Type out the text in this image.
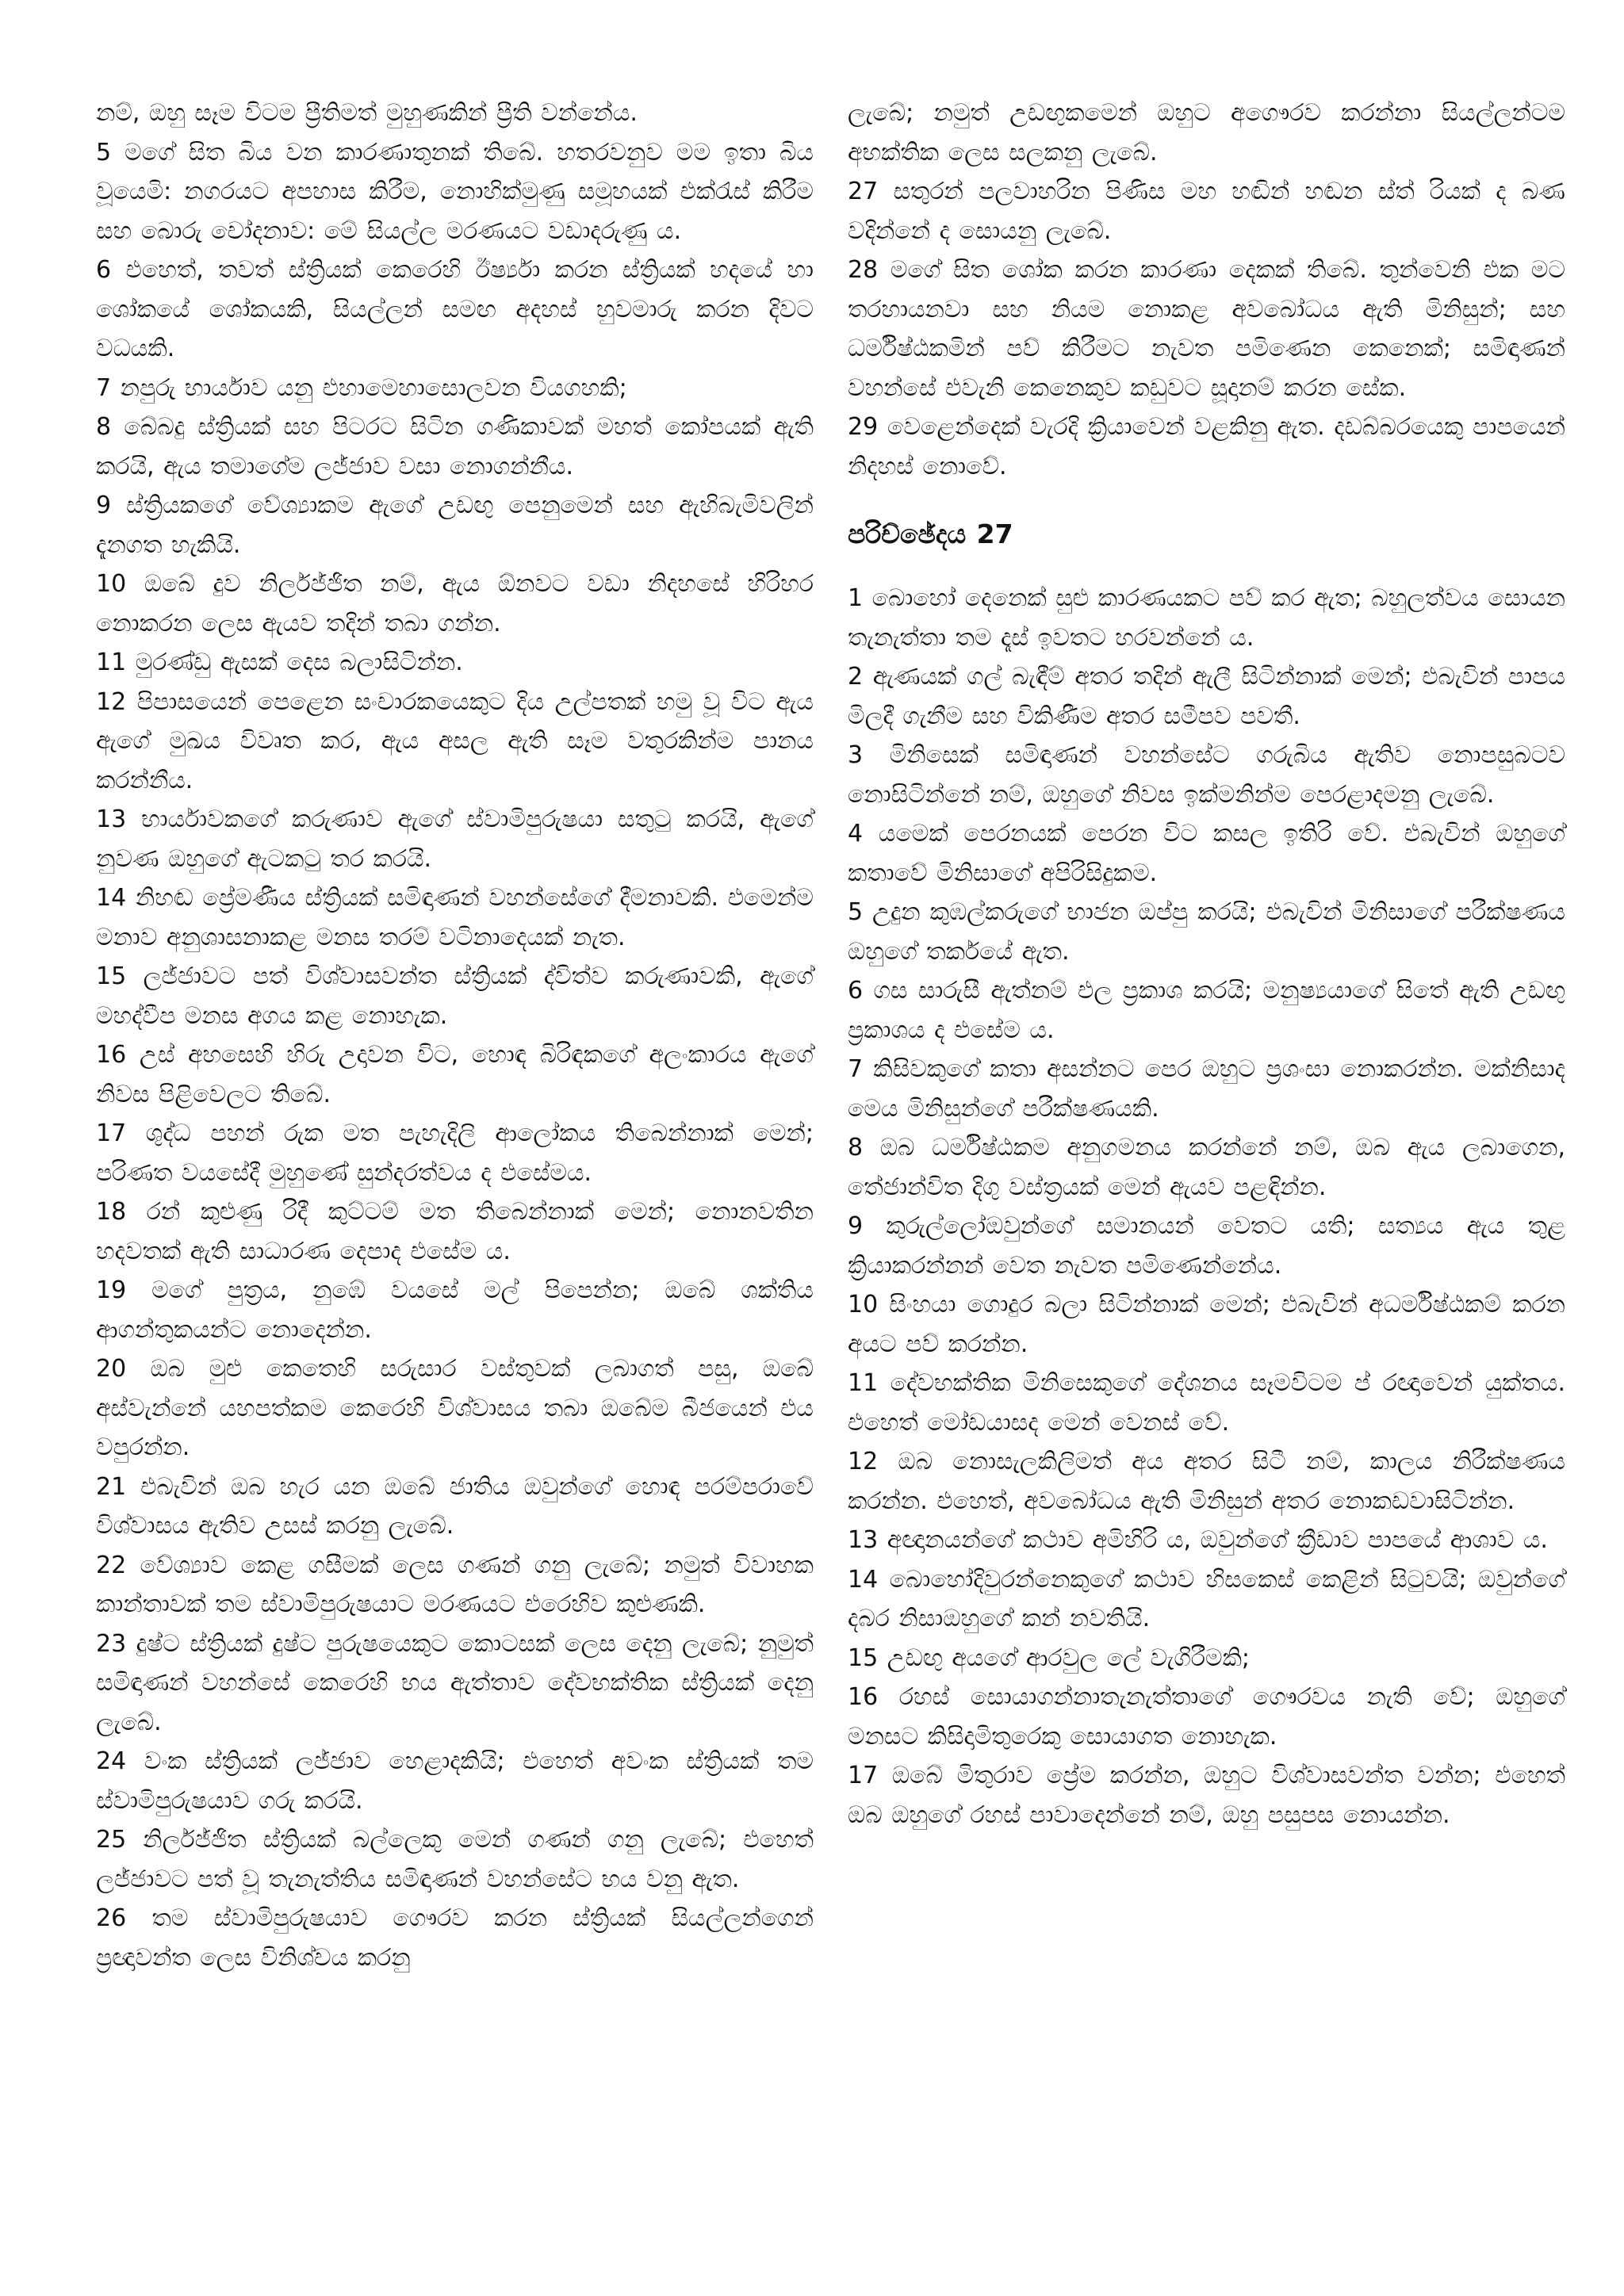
නම්, ඔහු සෑම විටම ප්‍රීතිමත් මුහුණකින් ප්‍රීති වන්නේය.

5 මගේ සිත බිය වන කාරණාතුනක් තිබේ. හතරවනුව මම ඉතා බිය වූයෙමි: නගරයට අපහාස කිරීම, නොහික්මුණු සමූහයක් එක්රැස් කිරීම සහ බොරු චෝදනාව: මේ සියල්ල මරණයට වඩාදරුණු ය.

6 එහෙත්, තවත් ස්ත්‍රියක් කෙරෙහි ඊර්ෂ්‍යා කරන ස්ත්‍රියක් හදයේ හා ශෝකයේ ශෝකයකි, සියල්ලන් සමඟ අදහස් හුවමාරු කරන දිවට වධයකි.

7 නපුරු භාර්යාව යනු එහාමෙහාසොලවන වියගහකි;

8 බේබදු ස්ත්‍රියක් සහ පිටරට සිටින ගණිකාවක් මහත් කෝපයක් ඇති කරයි, ඇය තමාගේම ලජ්ජාව වසා නොගන්නීය.

9 ස්ත්‍රියකගේ වේශ්‍යාකම ඇගේ උඩඟු පෙනුමෙන් සහ ඇහිබැමිවලින් දැනගත හැකියි.

10 ඔබේ දුව නිර්ලජ්ජිත නම්, ඇය ඕනවට වඩා නිදහසේ හිරිහර නොකරන ලෙස ඇයව තදින් තබා ගන්න.

11 මුරණ්ඩු ඇසක් දෙස බලාසිටින්න.

12 පිපාසයෙන් පෙළෙන සංචාරකයෙකුට දිය උල්පතක් හමු වූ විට ඇය ඇගේ මුඛය විවෘත කර, ඇය අසල ඇති සෑම වතුරකින්ම පානය කරන්නීය.

13 භාර්යාවකගේ කරුණාව ඇගේ ස්වාමිපුරුෂයා සතුටු කරයි, ඇගේ නුවණ ඔහුගේ ඇටකටු තර කරයි.

14 නිහඬ ප්‍රේමණීය ස්ත්‍රියක් සමිඳාණන් වහන්සේගේ දීමනාවකි. එමෙන්ම මනාව අනුශාසනාකළ මනස තරම් වටිනාදෙයක් නැත.

15 ලජ්ජාවට පත් විශ්වාසවන්ත ස්ත්‍රියක් ද්විත්ව කරුණාවකි, ඇගේ මහද්වීප මනස අගය කළ නොහැක.

16 උස් අහසෙහි හිරු උදාවන විට, හොඳ බිරිඳකගේ අලංකාරය ඇගේ නිවස පිළිවෙලට තිබේ.

17 ශුද්ධ පහන් රුක මත පැහැදිලි ආලෝකය තිබෙන්නාක් මෙන්; පරිණත වයසේදී මුහුණේ සුන්දරත්වය ද එසේමය.

18 රන් කුළුණු රිදී කුට්ටම් මත තිබෙන්නාක් මෙන්; නොනවතින හදවතක් ඇති සාධාරණ දෙපාද එසේම ය.

19 මගේ පුත්‍රය, නුඹේ වයසේ මල් පිපෙන්න; ඔබේ ශක්තිය ආගන්තුකයන්ට නොදෙන්න.

20 ඔබ මුළු කෙතෙහි සරුසාර වස්තුවක් ලබාගත් පසු, ඔබේ අස්වැන්නේ යහපත්කම කෙරෙහි විශ්වාසය තබා ඔබේම බීජයෙන් එය වපුරන්න.

21 එබැවින් ඔබ හැර යන ඔබේ ජාතිය ඔවුන්ගේ හොඳ පරම්පරාවේ විශ්වාසය ඇතිව උසස් කරනු ලැබේ.

22 වේශ්‍යාව කෙළ ගසීමක් ලෙස ගණන් ගනු ලැබේ; නමුත් විවාහක කාන්තාවක් තම ස්වාමිපුරුෂයාට මරණයට එරෙහිව කුළුණකි.

23 දුෂ්ට ස්ත්‍රියක් දුෂ්ට පුරුෂයෙකුට කොටසක් ලෙස දෙනු ලැබේ; නුමුත් සමිඳාණන් වහන්සේ කෙරෙහි භය ඇත්තාව දේවභක්තික ස්ත්‍රියක් දෙනු ලැබේ.

24 වංක ස්ත්‍රියක් ලජ්ජාව හෙළාදකියි; එහෙත් අවංක ස්ත්‍රියක් තම ස්වාමිපුරුෂයාව ගරු කරයි.

25 නිර්ලජ්ජිත ස්ත්‍රියක් බල්ලෙකු මෙන් ගණන් ගනු ලැබේ; එහෙත් ලජ්ජාවට පත් වූ තැනැත්තිය සමිඳාණන් වහන්සේට භය වනු ඇත.

26 තම ස්වාමිපුරුෂයාව ගෞරව කරන ස්ත්‍රියක් සියල්ලන්ගෙන් ප්‍රඥාවන්ත ලෙස විනිශ්චය කරනු

ලැබේ; නමුත් උඩඟුකමෙන් ඔහුට අගෞරව කරන්නා සියල්ලන්ටම අභක්තික ලෙස සලකනු ලැබේ.

27 සතුරන් පලවාහරින පිණිස මහ හඬින් හඬන ස්ත් රියක් ද බණ වදින්නේ ද සොයනු ලැබේ.

28 මගේ සිත ශෝක කරන කාරණා දෙකක් තිබේ. තුන්වෙනි එක මට තරහායනවා සහ නියම නොකළ අවබෝධය ඇති මිනිසුන්; සහ ධර්මිෂ්ඨකමින් පව් කිරීමට නැවත පමිණෙන කෙනෙක්; සමිඳාණන් වහන්සේ එවැනි කෙනෙකුව කඩුවට සූදානම් කරන සේක.

29 වෙළෙන්දෙක් වැරදි ක්‍රියාවෙන් වළකිනු ඇත. දඩබ්බරයෙකු පාපයෙන් නිදහස් නොවේ.

පරිච්ඡේදය 27

1 බොහෝ දෙනෙක් සුළු කාරණයකට පව් කර ඇත; බහුලත්වය සොයන තැනැත්තා තම දෑස් ඉවතට හරවන්නේ ය.

2 ඇණයක් ගල් බැඳීම් අතර තදින් ඇලී සිටින්නාක් මෙන්; එබැවින් පාපය මිලදී ගැනීම සහ විකිණීම අතර සමීපව පවතී.

3 මිනිසෙක් සමිඳාණන් වහන්සේට ගරුබිය ඇතිව නොපසුබටව නොසිටින්නේ නම්, ඔහුගේ නිවස ඉක්මනින්ම පෙරළාදමනු ලැබේ.

4 යමෙක් පෙරනයක් පෙරන විට කසල ඉතිරි වේ. එබැවින් ඔහුගේ කතාවේ මිනිසාගේ අපිරිසිදුකම.

5 උදුන කුඹල්කරුගේ භාජන ඔප්පු කරයි; එබැවින් මිනිසාගේ පරීක්ෂණය ඔහුගේ තර්කයේ ඇත.

6 ගස සාරුසී ඇත්නම් එල ප්‍රකාශ කරයි; මනුෂ්‍යයාගේ සිතේ ඇති උඩඟු ප්‍රකාශය ද එසේම ය.

7 කිසිවකුගේ කතා අසන්නට පෙර ඔහුට ප්‍රශංසා නොකරන්න. මක්නිසාද මෙය මිනිසුන්ගේ පරීක්ෂණයකි.

8 ඔබ ධර්මිෂ්ඨකම අනුගමනය කරන්නේ නම්, ඔබ ඇය ලබාගෙන, තේජාන්විත දිගු වස්ත්‍රයක් මෙන් ඇයව පළඳින්න.

9 කුරුල්ලෝඔවුන්ගේ සමානයන් වෙතට යති; සත්‍යය ඇය තුළ ක්‍රියාකරන්නන් වෙත නැවත පමිණෙන්නේය.

10 සිංහයා ගොදුර බලා සිටින්නාක් මෙන්; එබැවින් අධර්මිෂ්ඨකම් කරන අයට පව් කරන්න.

11 දේවභක්තික මිනිසෙකුගේ දේශනය සෑමවිටම ප් රඥාවෙන් යුක්තය. එහෙත් මෝඩයාසද මෙන් වෙනස් වේ.

12 ඔබ නොසැලකිලිමත් අය අතර සිටී නම්, කාලය නිරීක්ෂණය කරන්න. එහෙත්, අවබෝධය ඇති මිනිසුන් අතර නොකඩවාසිටින්න.

13 අඥානයන්ගේ කථාව අමිහිරි ය, ඔවුන්ගේ ක්‍රීඩාව පාපයේ ආශාව ය.

14 බොහෝදිවුරන්නෙකුගේ කථාව හිසකෙස් කෙළින් සිටුවයි; ඔවුන්ගේ දබර නිසාඔහුගේ කන් නවතියි.

15 උඩඟු අයගේ ආරවුල ලේ වැගිරීමකි;

16 රහස් සොයාගන්නාතැනැත්තාගේ ගෞරවය නැති වේ; ඔහුගේ මනසට කිසිදාමිතුරෙකු සොයාගත නොහැක.

17 ඔබේ මිතුරාව ප්‍රේම කරන්න, ඔහුට විශ්වාසවන්ත වන්න; එහෙත් ඔබ ඔහුගේ රහස් පාවාදෙන්නේ නම්, ඔහු පසුපස නොයන්න.
